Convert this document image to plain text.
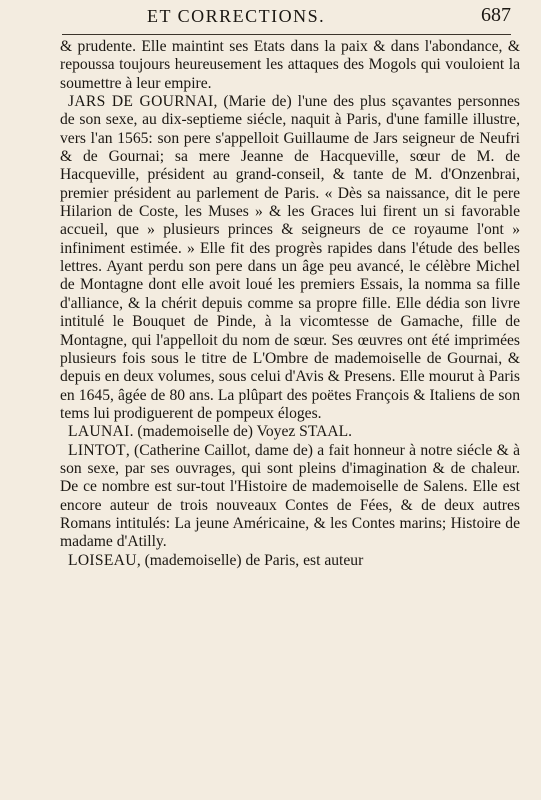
ET CORRECTIONS.	687

& prudente. Elle maintint ses Etats dans la paix & dans l'abondance, & repoussa toujours heureusement les attaques des Mogols qui vouloient la soumettre à leur empire.

JARS DE GOURNAI, (Marie de) l'une des plus sçavantes personnes de son sexe, au dix-septieme siécle, naquit à Paris, d'une famille illustre, vers l'an 1565: son pere s'appelloit Guillaume de Jars seigneur de Neufri & de Gournai; sa mere Jeanne de Hacqueville, sœur de M. de Hacqueville, président au grand-conseil, & tante de M. d'Onzenbrai, premier président au parlement de Paris. « Dès sa naissance, dit le pere Hilarion de Coste, les Muses » & les Graces lui firent un si favorable accueil, que » plusieurs princes & seigneurs de ce royaume l'ont » infiniment estimée. » Elle fit des progrès rapides dans l'étude des belles lettres. Ayant perdu son pere dans un âge peu avancé, le célèbre Michel de Montagne dont elle avoit loué les premiers Essais, la nomma sa fille d'alliance, & la chérit depuis comme sa propre fille. Elle dédia son livre intitulé le Bouquet de Pinde, à la vicomtesse de Gamache, fille de Montagne, qui l'appelloit du nom de sœur. Ses œuvres ont été imprimées plusieurs fois sous le titre de L'Ombre de mademoiselle de Gournai, & depuis en deux volumes, sous celui d'Avis & Presens. Elle mourut à Paris en 1645, âgée de 80 ans. La plûpart des poëtes François & Italiens de son tems lui prodiguerent de pompeux éloges.

LAUNAI. (mademoiselle de) Voyez STAAL.

LINTOT, (Catherine Caillot, dame de) a fait honneur à notre siécle & à son sexe, par ses ouvrages, qui sont pleins d'imagination & de chaleur. De ce nombre est sur-tout l'Histoire de mademoiselle de Salens. Elle est encore auteur de trois nouveaux Contes de Fées, & de deux autres Romans intitulés: La jeune Américaine, & les Contes marins; Histoire de madame d'Atilly.

LOISEAU, (mademoiselle) de Paris, est auteur
